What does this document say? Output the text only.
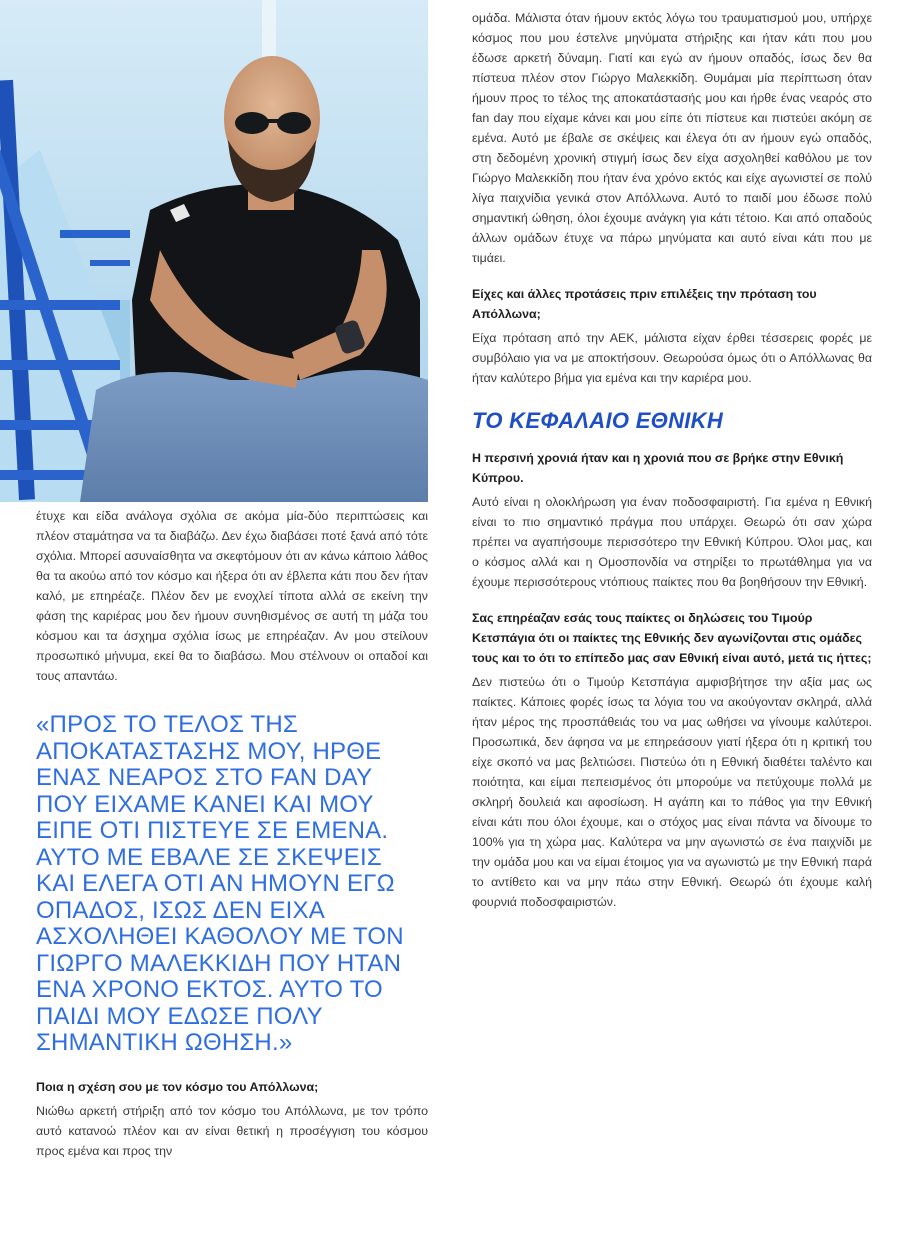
έτυχε και είδα ανάλογα σχόλια σε ακόμα μία-δύο περιπτώσεις και πλέον σταμάτησα να τα διαβάζω. Δεν έχω διαβάσει ποτέ ξανά από τότε σχόλια. Μπορεί ασυναίσθητα να σκεφτόμουν ότι αν κάνω κάποιο λάθος θα τα ακούω από τον κόσμο και ήξερα ότι αν έβλεπα κάτι που δεν ήταν καλό, με επηρέαζε. Πλέον δεν με ενοχλεί τίποτα αλλά σε εκείνη την φάση της καριέρας μου δεν ήμουν συνηθισμένος σε αυτή τη μάζα του κόσμου και τα άσχημα σχόλια ίσως με επηρέαζαν. Αν μου στείλουν προσωπικό μήνυμα, εκεί θα το διαβάσω. Μου στέλνουν οι οπαδοί και τους απαντάω.

«ΠΡΟΣ ΤΟ ΤΕΛΟΣ ΤΗΣ ΑΠΟΚΑΤΑΣΤΑΣΗΣ ΜΟΥ, ΗΡΘΕ ΕΝΑΣ ΝΕΑΡΟΣ ΣΤΟ FAN DAY ΠΟΥ ΕΙΧΑΜΕ ΚΑΝΕΙ ΚΑΙ ΜΟΥ ΕΙΠΕ ΟΤΙ ΠΙΣΤΕΥΕ ΣΕ ΕΜΕΝΑ. ΑΥΤΟ ΜΕ ΕΒΑΛΕ ΣΕ ΣΚΕΨΕΙΣ ΚΑΙ ΕΛΕΓΑ ΟΤΙ ΑΝ ΗΜΟΥΝ ΕΓΩ ΟΠΑΔΟΣ, ΙΣΩΣ ΔΕΝ ΕΙΧΑ ΑΣΧΟΛΗΘΕΙ ΚΑΘΟΛΟΥ ΜΕ ΤΟΝ ΓΙΩΡΓΟ ΜΑΛΕΚΚΙΔΗ ΠΟΥ ΗΤΑΝ ΕΝΑ ΧΡΟΝΟ ΕΚΤΟΣ. ΑΥΤΟ ΤΟ ΠΑΙΔΙ ΜΟΥ ΕΔΩΣΕ ΠΟΛΥ ΣΗΜΑΝΤΙΚΗ ΩΘΗΣΗ.»

Ποια η σχέση σου με τον κόσμο του Απόλλωνα;

Νιώθω αρκετή στήριξη από τον κόσμο του Απόλλωνα, με τον τρόπο αυτό κατανοώ πλέον και αν είναι θετική η προσέγγιση του κόσμου προς εμένα και προς την

ομάδα. Μάλιστα όταν ήμουν εκτός λόγω του τραυματισμού μου, υπήρχε κόσμος που μου έστελνε μηνύματα στήριξης και ήταν κάτι που μου έδωσε αρκετή δύναμη. Γιατί και εγώ αν ήμουν οπαδός, ίσως δεν θα πίστευα πλέον στον Γιώργο Μαλεκκίδη. Θυμάμαι μία περίπτωση όταν ήμουν προς το τέλος της αποκατάστασής μου και ήρθε ένας νεαρός στο fan day που είχαμε κάνει και μου είπε ότι πίστευε και πιστεύει ακόμη σε εμένα. Αυτό με έβαλε σε σκέψεις και έλεγα ότι αν ήμουν εγώ οπαδός, στη δεδομένη χρονική στιγμή ίσως δεν είχα ασχοληθεί καθόλου με τον Γιώργο Μαλεκκίδη που ήταν ένα χρόνο εκτός και είχε αγωνιστεί σε πολύ λίγα παιχνίδια γενικά στον Απόλλωνα. Αυτό το παιδί μου έδωσε πολύ σημαντική ώθηση, όλοι έχουμε ανάγκη για κάτι τέτοιο. Και από οπαδούς άλλων ομάδων έτυχε να πάρω μηνύματα και αυτό είναι κάτι που με τιμάει.

Είχες και άλλες προτάσεις πριν επιλέξεις την πρόταση του Απόλλωνα;

Είχα πρόταση από την ΑΕΚ, μάλιστα είχαν έρθει τέσσερεις φορές με συμβόλαιο για να με αποκτήσουν. Θεωρούσα όμως ότι ο Απόλλωνας θα ήταν καλύτερο βήμα για εμένα και την καριέρα μου.

ΤΟ ΚΕΦΑΛΑΙΟ ΕΘΝΙΚΗ

Η περσινή χρονιά ήταν και η χρονιά που σε βρήκε στην Εθνική Κύπρου.

Αυτό είναι η ολοκλήρωση για έναν ποδοσφαιριστή. Για εμένα η Εθνική είναι το πιο σημαντικό πράγμα που υπάρχει. Θεωρώ ότι σαν χώρα πρέπει να αγαπήσουμε περισσότερο την Εθνική Κύπρου. Όλοι μας, και ο κόσμος αλλά και η Ομοσπονδία να στηρίξει το πρωτάθλημα για να έχουμε περισσότερους ντόπιους παίκτες που θα βοηθήσουν την Εθνική.

Σας επηρέαζαν εσάς τους παίκτες οι δηλώσεις του Τιμούρ Κετσπάγια ότι οι παίκτες της Εθνικής δεν αγωνίζονται στις ομάδες τους και το ότι το επίπεδο μας σαν Εθνική είναι αυτό, μετά τις ήττες;

Δεν πιστεύω ότι ο Τιμούρ Κετσπάγια αμφισβήτησε την αξία μας ως παίκτες. Κάποιες φορές ίσως τα λόγια του να ακούγονταν σκληρά, αλλά ήταν μέρος της προσπάθειάς του να μας ωθήσει να γίνουμε καλύτεροι. Προσωπικά, δεν άφησα να με επηρεάσουν γιατί ήξερα ότι η κριτική του είχε σκοπό να μας βελτιώσει. Πιστεύω ότι η Εθνική διαθέτει ταλέντο και ποιότητα, και είμαι πεπεισμένος ότι μπορούμε να πετύχουμε πολλά με σκληρή δουλειά και αφοσίωση. Η αγάπη και το πάθος για την Εθνική είναι κάτι που όλοι έχουμε, και ο στόχος μας είναι πάντα να δίνουμε το 100% για τη χώρα μας. Καλύτερα να μην αγωνιστώ σε ένα παιχνίδι με την ομάδα μου και να είμαι έτοιμος για να αγωνιστώ με την Εθνική παρά το αντίθετο και να μην πάω στην Εθνική. Θεωρώ ότι έχουμε καλή φουρνιά ποδοσφαιριστών.
